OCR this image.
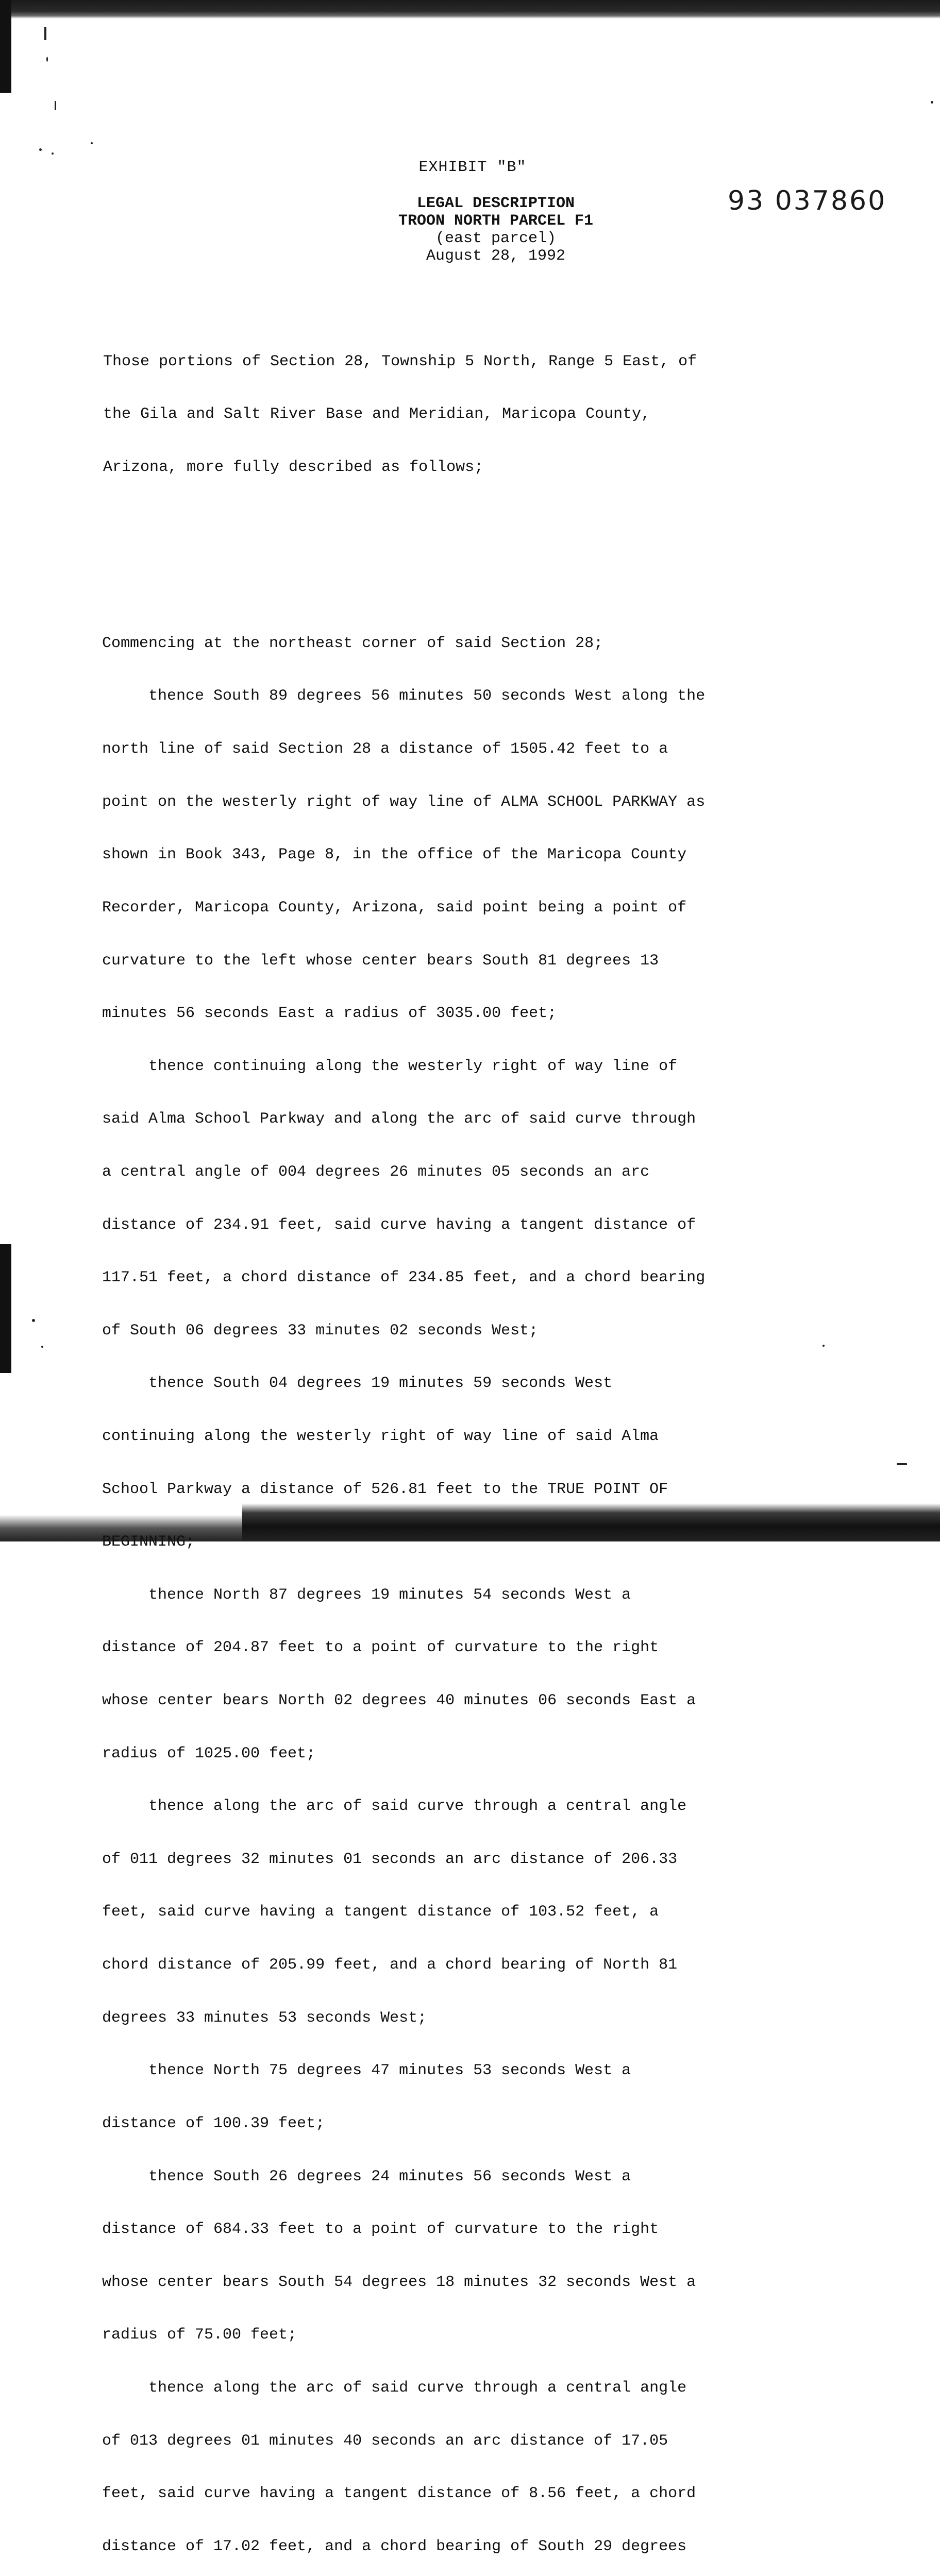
EXHIBIT "B"
93 037860
LEGAL DESCRIPTION
TROON NORTH PARCEL F1
(east parcel)
August 28, 1992

Those portions of Section 28, Township 5 North, Range 5 East, of

the Gila and Salt River Base and Meridian, Maricopa County,

Arizona, more fully described as follows;

Commencing at the northeast corner of said Section 28;

thence South 89 degrees 56 minutes 50 seconds West along the

north line of said Section 28 a distance of 1505.42 feet to a

point on the westerly right of way line of ALMA SCHOOL PARKWAY as

shown in Book 343, Page 8, in the office of the Maricopa County

Recorder, Maricopa County, Arizona, said point being a point of

curvature to the left whose center bears South 81 degrees 13

minutes 56 seconds East a radius of 3035.00 feet;

thence continuing along the westerly right of way line of

said Alma School Parkway and along the arc of said curve through

a central angle of 004 degrees 26 minutes 05 seconds an arc

distance of 234.91 feet, said curve having a tangent distance of

117.51 feet, a chord distance of 234.85 feet, and a chord bearing

of South 06 degrees 33 minutes 02 seconds West;

thence South 04 degrees 19 minutes 59 seconds West

continuing along the westerly right of way line of said Alma

School Parkway a distance of 526.81 feet to the TRUE POINT OF

BEGINNING;

thence North 87 degrees 19 minutes 54 seconds West a

distance of 204.87 feet to a point of curvature to the right

whose center bears North 02 degrees 40 minutes 06 seconds East a

radius of 1025.00 feet;

thence along the arc of said curve through a central angle

of 011 degrees 32 minutes 01 seconds an arc distance of 206.33

feet, said curve having a tangent distance of 103.52 feet, a

chord distance of 205.99 feet, and a chord bearing of North 81

degrees 33 minutes 53 seconds West;

thence North 75 degrees 47 minutes 53 seconds West a

distance of 100.39 feet;

thence South 26 degrees 24 minutes 56 seconds West a

distance of 684.33 feet to a point of curvature to the right

whose center bears South 54 degrees 18 minutes 32 seconds West a

radius of 75.00 feet;

thence along the arc of said curve through a central angle

of 013 degrees 01 minutes 40 seconds an arc distance of 17.05

feet, said curve having a tangent distance of 8.56 feet, a chord

distance of 17.02 feet, and a chord bearing of South 29 degrees
